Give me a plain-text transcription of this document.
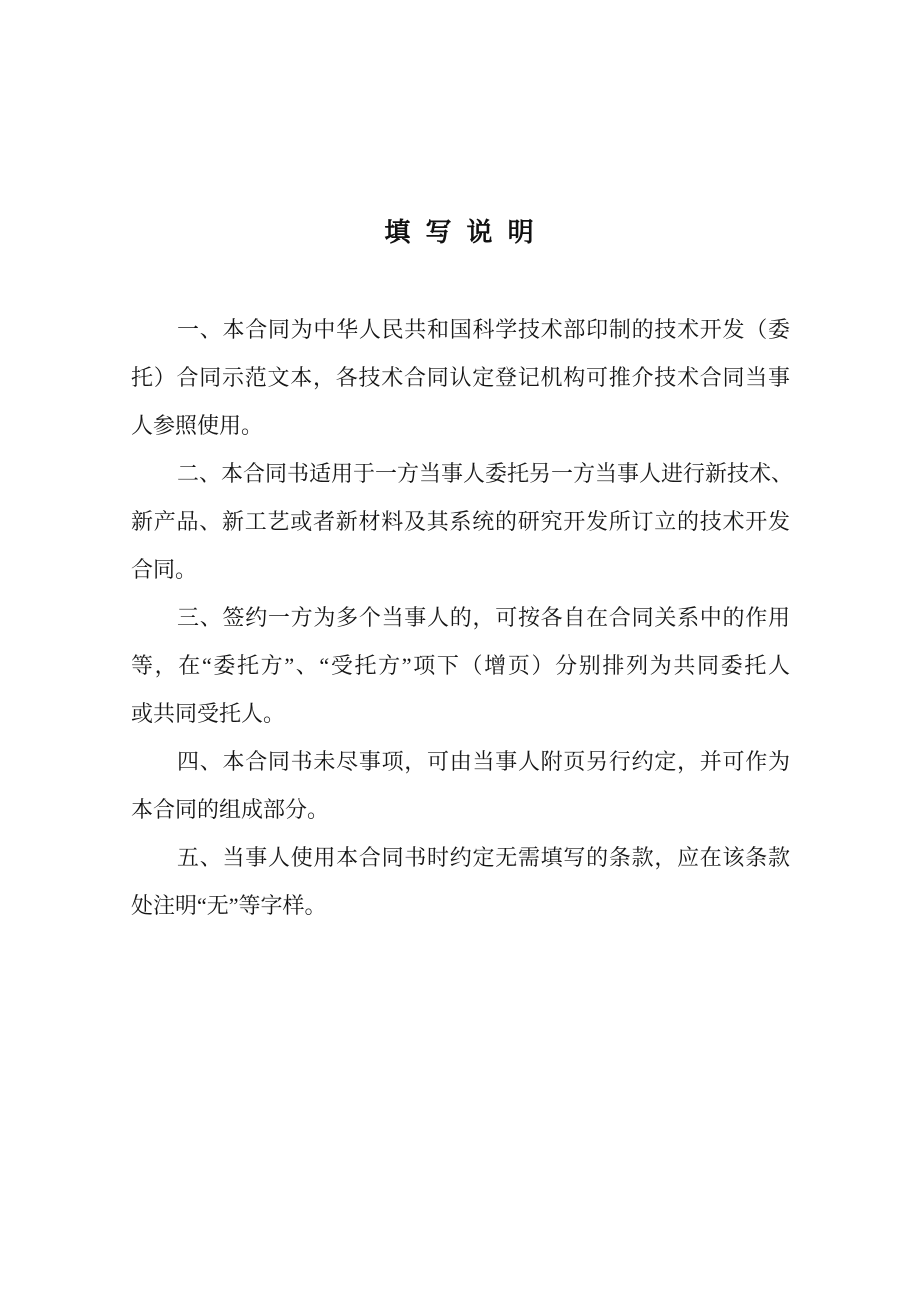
填 写 说 明
一、本合同为中华人民共和国科学技术部印制的技术开发（委
托）合同示范文本，各技术合同认定登记机构可推介技术合同当事
人参照使用。
二、本合同书适用于一方当事人委托另一方当事人进行新技术、
新产品、新工艺或者新材料及其系统的研究开发所订立的技术开发
合同。
三、签约一方为多个当事人的，可按各自在合同关系中的作用
等，在“委托方”、“受托方”项下（增页）分别排列为共同委托人
或共同受托人。
四、本合同书未尽事项，可由当事人附页另行约定，并可作为
本合同的组成部分。
五、当事人使用本合同书时约定无需填写的条款，应在该条款
处注明“无”等字样。
